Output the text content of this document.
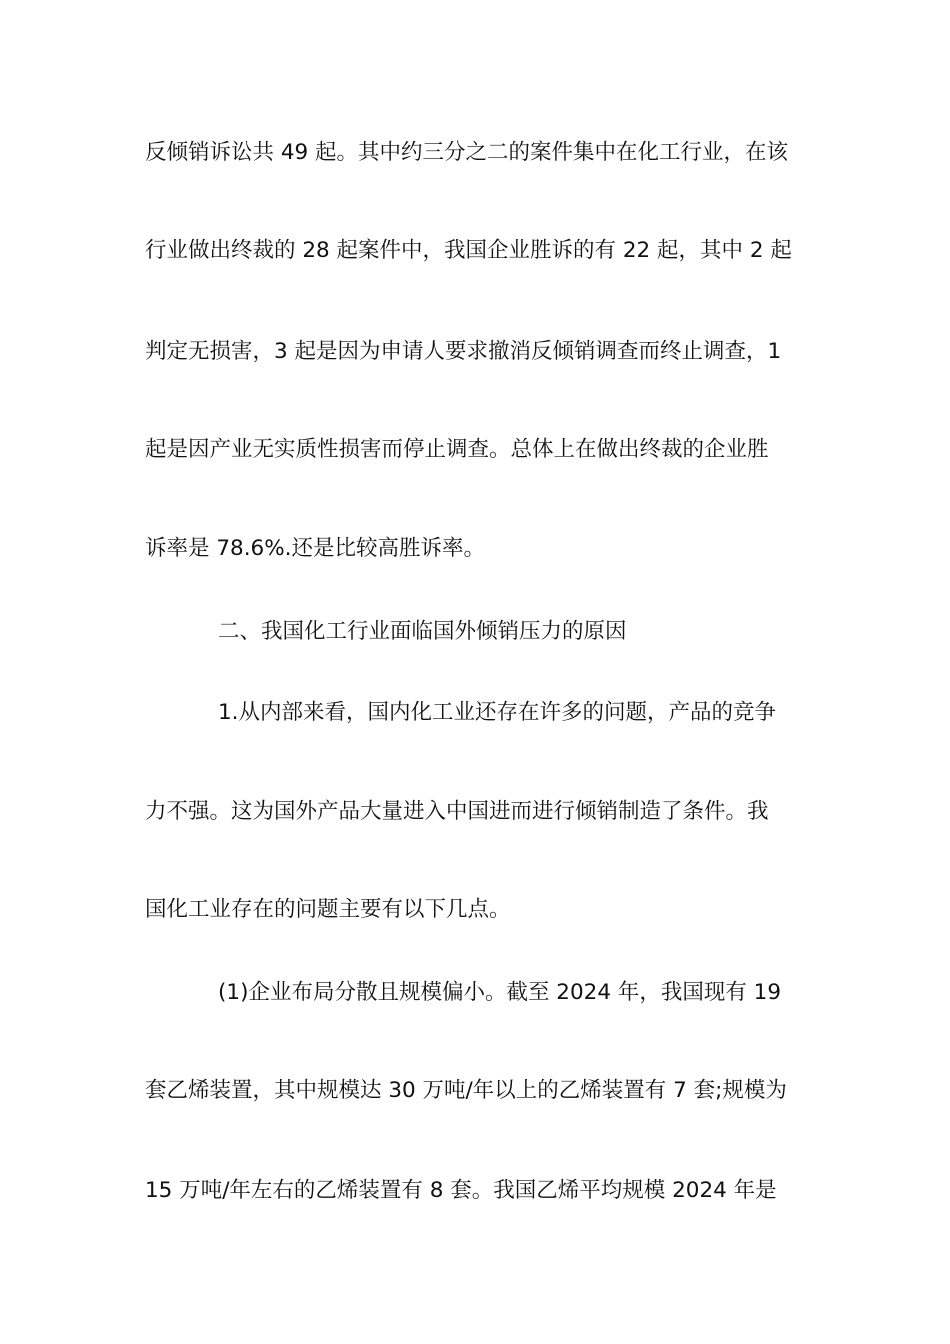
反倾销诉讼共 49 起。其中约三分之二的案件集中在化工行业，在该
行业做出终裁的 28 起案件中，我国企业胜诉的有 22 起，其中 2 起
判定无损害，3 起是因为申请人要求撤消反倾销调查而终止调查，1
起是因产业无实质性损害而停止调查。总体上在做出终裁的企业胜
诉率是 78.6%.还是比较高胜诉率。
二、我国化工行业面临国外倾销压力的原因
1.从内部来看，国内化工业还存在许多的问题，产品的竞争
力不强。这为国外产品大量进入中国进而进行倾销制造了条件。我
国化工业存在的问题主要有以下几点。
(1)企业布局分散且规模偏小。截至 2024 年，我国现有 19
套乙烯装置，其中规模达 30 万吨/年以上的乙烯装置有 7 套;规模为
15 万吨/年左右的乙烯装置有 8 套。我国乙烯平均规模 2024 年是
